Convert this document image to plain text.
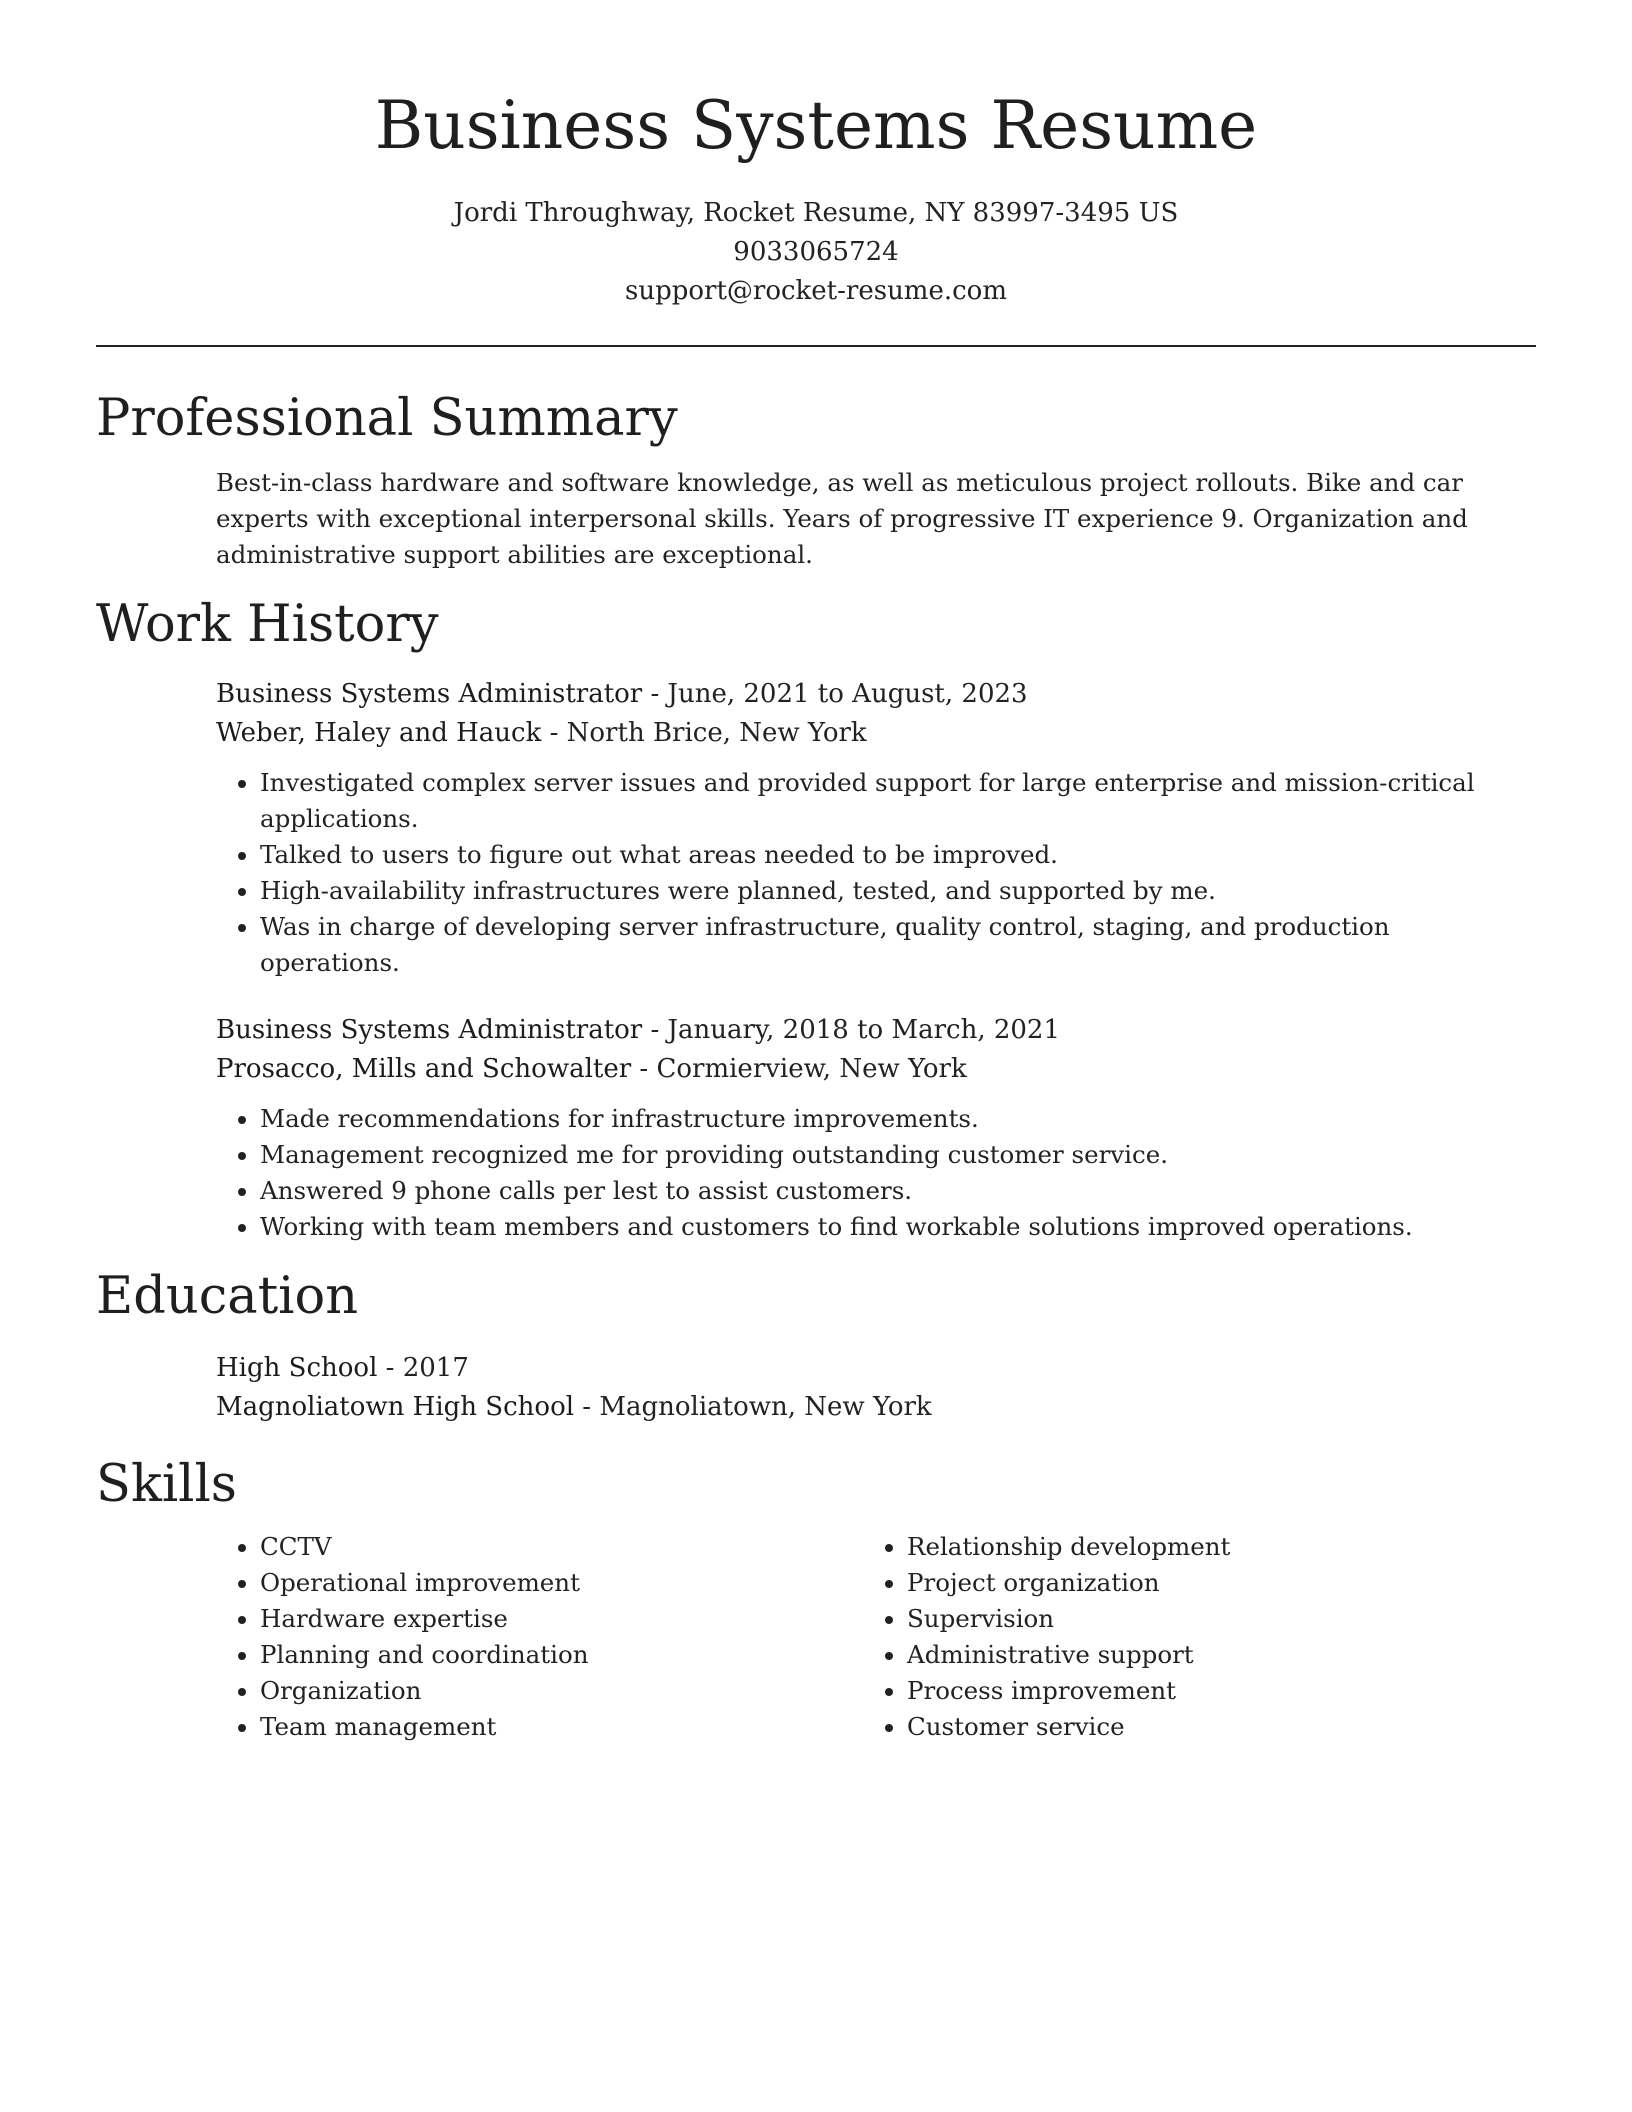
Business Systems Resume
Jordi Throughway, Rocket Resume, NY 83997-3495 US
9033065724
support@rocket-resume.com
Professional Summary
Best-in-class hardware and software knowledge, as well as meticulous project rollouts. Bike and car experts with exceptional interpersonal skills. Years of progressive IT experience 9. Organization and administrative support abilities are exceptional.
Work History
Business Systems Administrator - June, 2021 to August, 2023
Weber, Haley and Hauck - North Brice, New York
• Investigated complex server issues and provided support for large enterprise and mission-critical applications.
• Talked to users to figure out what areas needed to be improved.
• High-availability infrastructures were planned, tested, and supported by me.
• Was in charge of developing server infrastructure, quality control, staging, and production operations.
Business Systems Administrator - January, 2018 to March, 2021
Prosacco, Mills and Schowalter - Cormierview, New York
• Made recommendations for infrastructure improvements.
• Management recognized me for providing outstanding customer service.
• Answered 9 phone calls per lest to assist customers.
• Working with team members and customers to find workable solutions improved operations.
Education
High School - 2017
Magnoliatown High School - Magnoliatown, New York
Skills
• CCTV
• Operational improvement
• Hardware expertise
• Planning and coordination
• Organization
• Team management
• Relationship development
• Project organization
• Supervision
• Administrative support
• Process improvement
• Customer service
